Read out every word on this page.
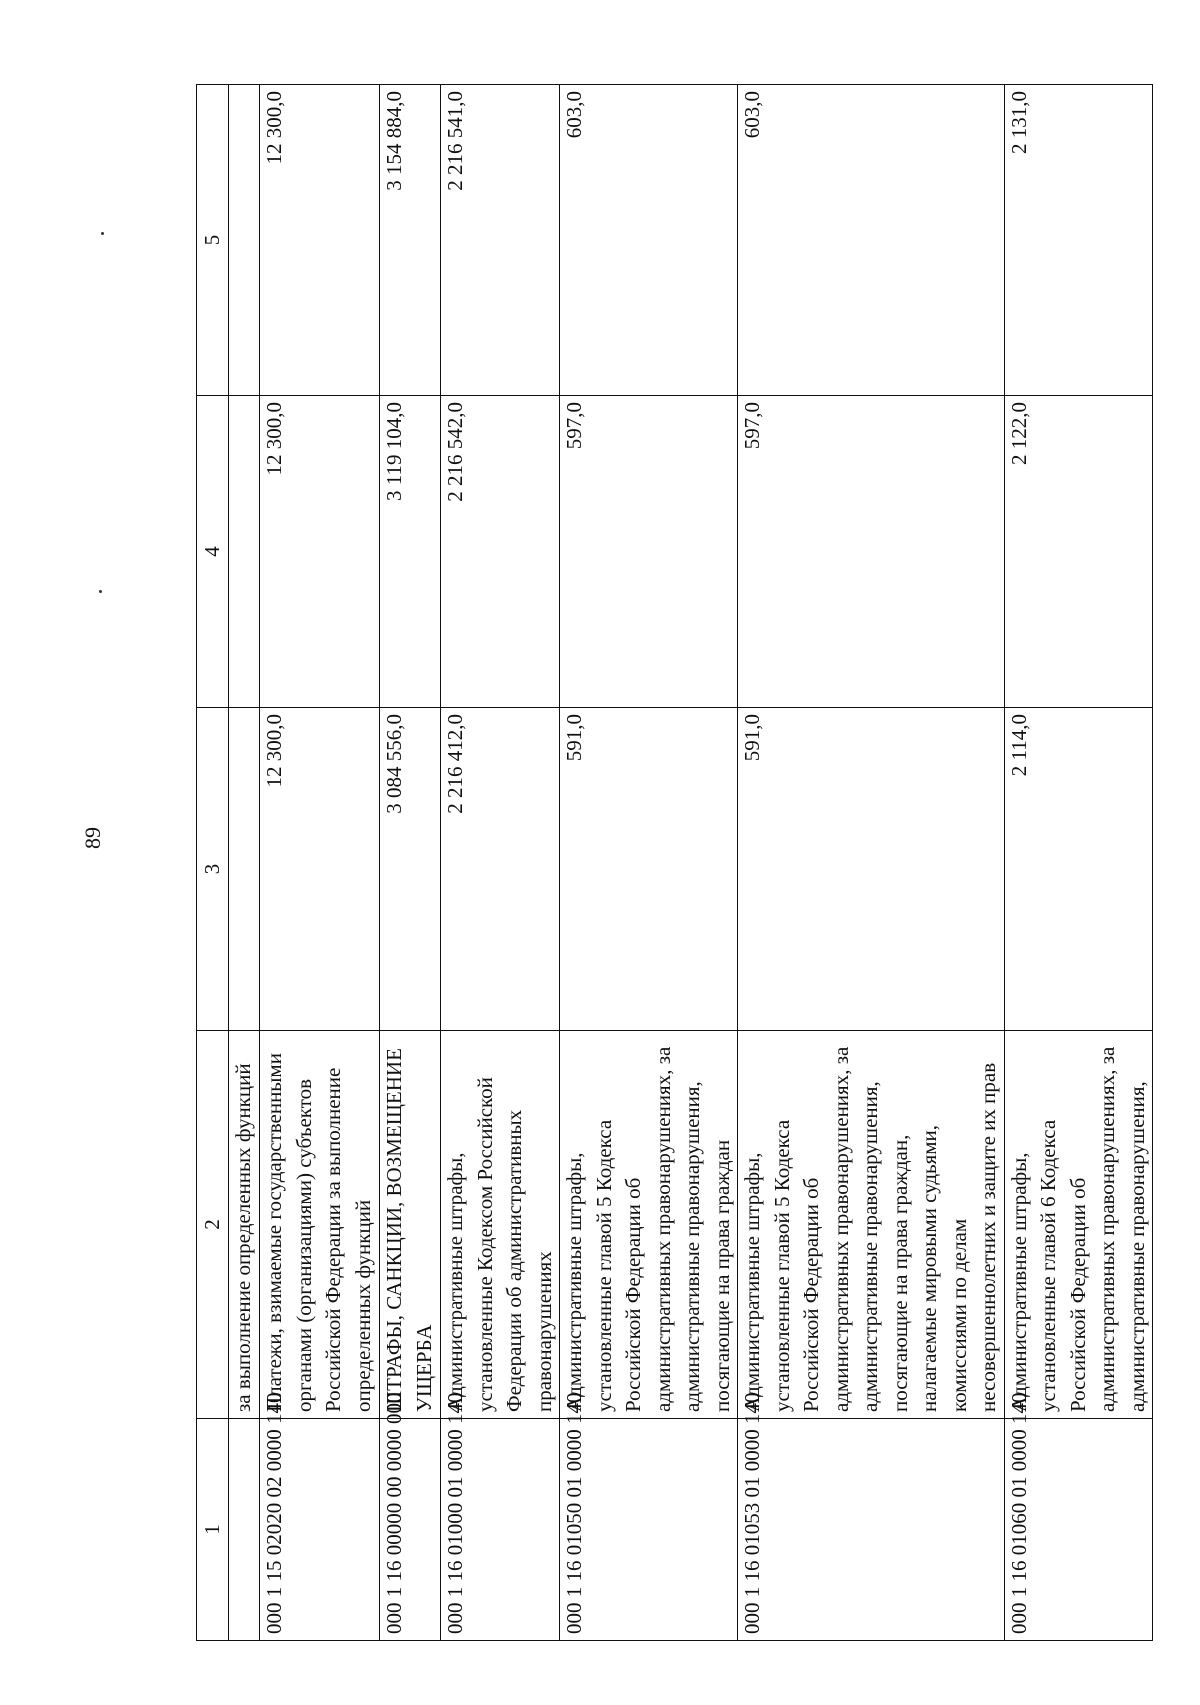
89
1	2	3	4	5
	за выполнение определенных функций			
000 1 15 02020 02 0000 140	Платежи, взимаемые государственными органами (организациями) субъектов Российской Федерации за выполнение определенных функций	12 300,0	12 300,0	12 300,0
000 1 16 00000 00 0000 000	ШТРАФЫ, САНКЦИИ, ВОЗМЕЩЕНИЕ УЩЕРБА	3 084 556,0	3 119 104,0	3 154 884,0
000 1 16 01000 01 0000 140	Административные штрафы, установленные Кодексом Российской Федерации об административных правонарушениях	2 216 412,0	2 216 542,0	2 216 541,0
000 1 16 01050 01 0000 140	Административные штрафы, установленные главой 5 Кодекса Российской Федерации об административных правонарушениях, за административные правонарушения, посягающие на права граждан	591,0	597,0	603,0
000 1 16 01053 01 0000 140	Административные штрафы, установленные главой 5 Кодекса Российской Федерации об административных правонарушениях, за административные правонарушения, посягающие на права граждан, налагаемые мировыми судьями, комиссиями по делам несовершеннолетних и защите их прав	591,0	597,0	603,0
000 1 16 01060 01 0000 140	Административные штрафы, установленные главой 6 Кодекса Российской Федерации об административных правонарушениях, за административные правонарушения,	2 114,0	2 122,0	2 131,0
